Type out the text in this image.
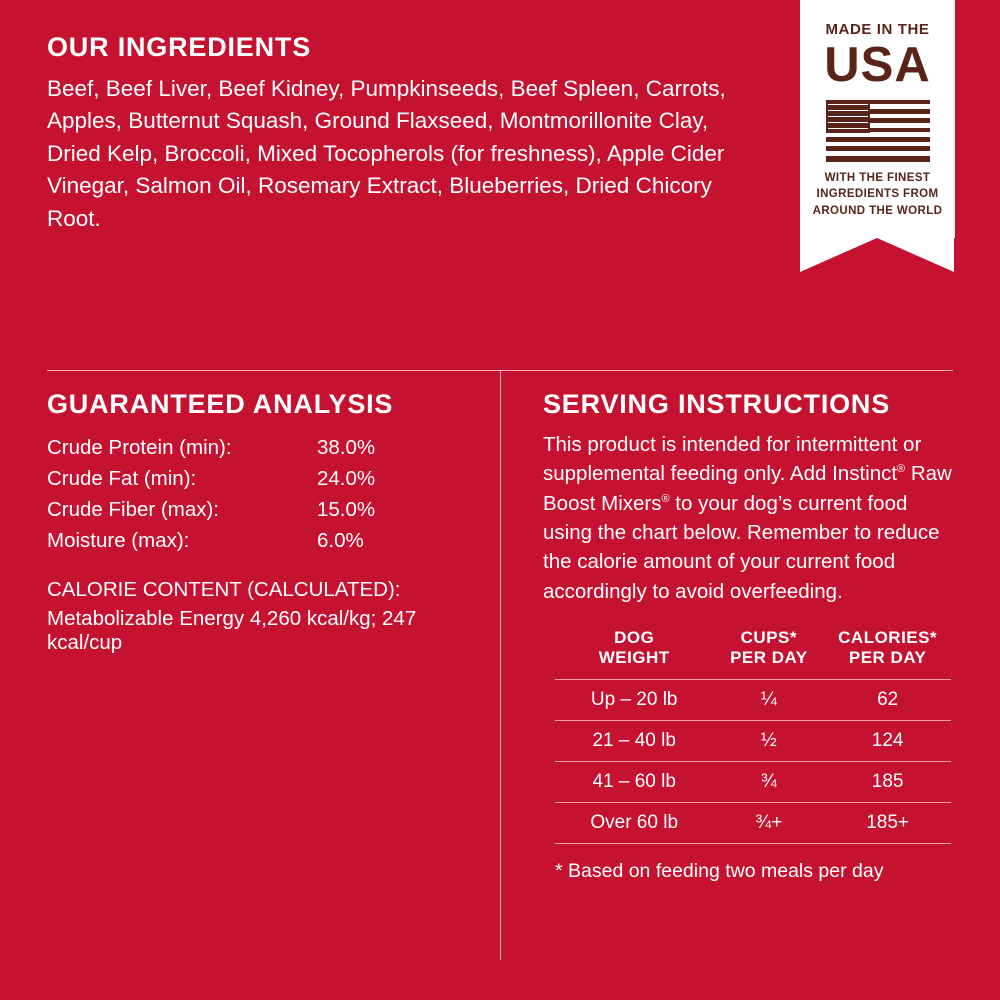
MADE IN THE
USA
WITH THE FINEST
INGREDIENTS FROM
AROUND THE WORLD
OUR INGREDIENTS
Beef, Beef Liver, Beef Kidney, Pumpkinseeds, Beef Spleen, Carrots, Apples, Butternut Squash, Ground Flaxseed, Montmorillonite Clay, Dried Kelp, Broccoli, Mixed Tocopherols (for freshness), Apple Cider Vinegar, Salmon Oil, Rosemary Extract, Blueberries, Dried Chicory Root.
GUARANTEED ANALYSIS
Crude Protein (min):	38.0%
Crude Fat (min):	24.0%
Crude Fiber (max):	15.0%
Moisture (max):	6.0%
CALORIE CONTENT (CALCULATED):
Metabolizable Energy 4,260 kcal/kg; 247 kcal/cup
SERVING INSTRUCTIONS
This product is intended for intermittent or supplemental feeding only. Add Instinct® Raw Boost Mixers® to your dog’s current food using the chart below. Remember to reduce the calorie amount of your current food accordingly to avoid overfeeding.
DOG
WEIGHT

CUPS*
PER DAY

CALORIES*
PER DAY

Up – 20 lb	¼	62
21 – 40 lb	½	124
41 – 60 lb	¾	185
Over 60 lb	¾+	185+
* Based on feeding two meals per day
